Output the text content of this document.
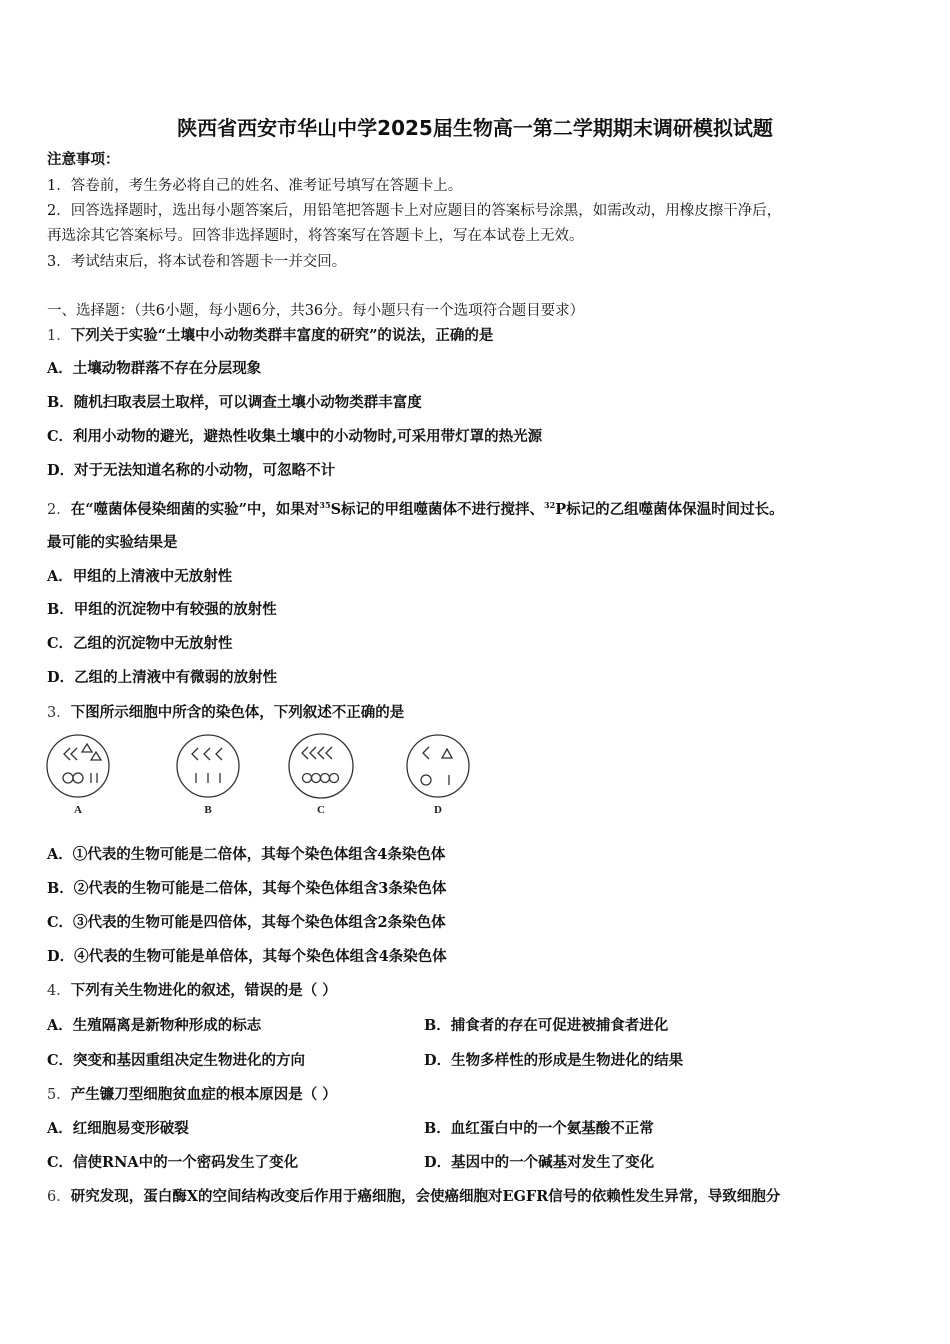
陕西省西安市华山中学2025届生物高一第二学期期末调研模拟试题
注意事项：
1．答卷前，考生务必将自己的姓名、准考证号填写在答题卡上。
2．回答选择题时，选出每小题答案后，用铅笔把答题卡上对应题目的答案标号涂黑，如需改动，用橡皮擦干净后，
再选涂其它答案标号。回答非选择题时，将答案写在答题卡上，写在本试卷上无效。
3．考试结束后，将本试卷和答题卡一并交回。
一、选择题：（共6小题，每小题6分，共36分。每小题只有一个选项符合题目要求）
1．下列关于实验“土壤中小动物类群丰富度的研究”的说法，正确的是
A．土壤动物群落不存在分层现象
B．随机扫取表层土取样，可以调查土壤小动物类群丰富度
C．利用小动物的避光，避热性收集土壤中的小动物时,可采用带灯罩的热光源
D．对于无法知道名称的小动物，可忽略不计
2．在“噬菌体侵染细菌的实验”中，如果对$^{35}$S标记的甲组噬菌体不进行搅拌、$^{32}$P标记的乙组噬菌体保温时间过长。
最可能的实验结果是
A．甲组的上清液中无放射性
B．甲组的沉淀物中有较强的放射性
C．乙组的沉淀物中无放射性
D．乙组的上清液中有微弱的放射性
3．下图所示细胞中所含的染色体，下列叙述不正确的是
A	B	C	D
A．①代表的生物可能是二倍体，其每个染色体组含4条染色体
B．②代表的生物可能是二倍体，其每个染色体组含3条染色体
C．③代表的生物可能是四倍体，其每个染色体组含2条染色体
D．④代表的生物可能是单倍体，其每个染色体组含4条染色体
4．下列有关生物进化的叙述，错误的是（ ）
A．生殖隔离是新物种形成的标志	B．捕食者的存在可促进被捕食者进化
C．突变和基因重组决定生物进化的方向	D．生物多样性的形成是生物进化的结果
5．产生镰刀型细胞贫血症的根本原因是（ ）
A．红细胞易变形破裂	B．血红蛋白中的一个氨基酸不正常
C．信使RNA中的一个密码发生了变化	D．基因中的一个碱基对发生了变化
6．研究发现，蛋白酶X的空间结构改变后作用于癌细胞，会使癌细胞对EGFR信号的依赖性发生异常，导致细胞分
